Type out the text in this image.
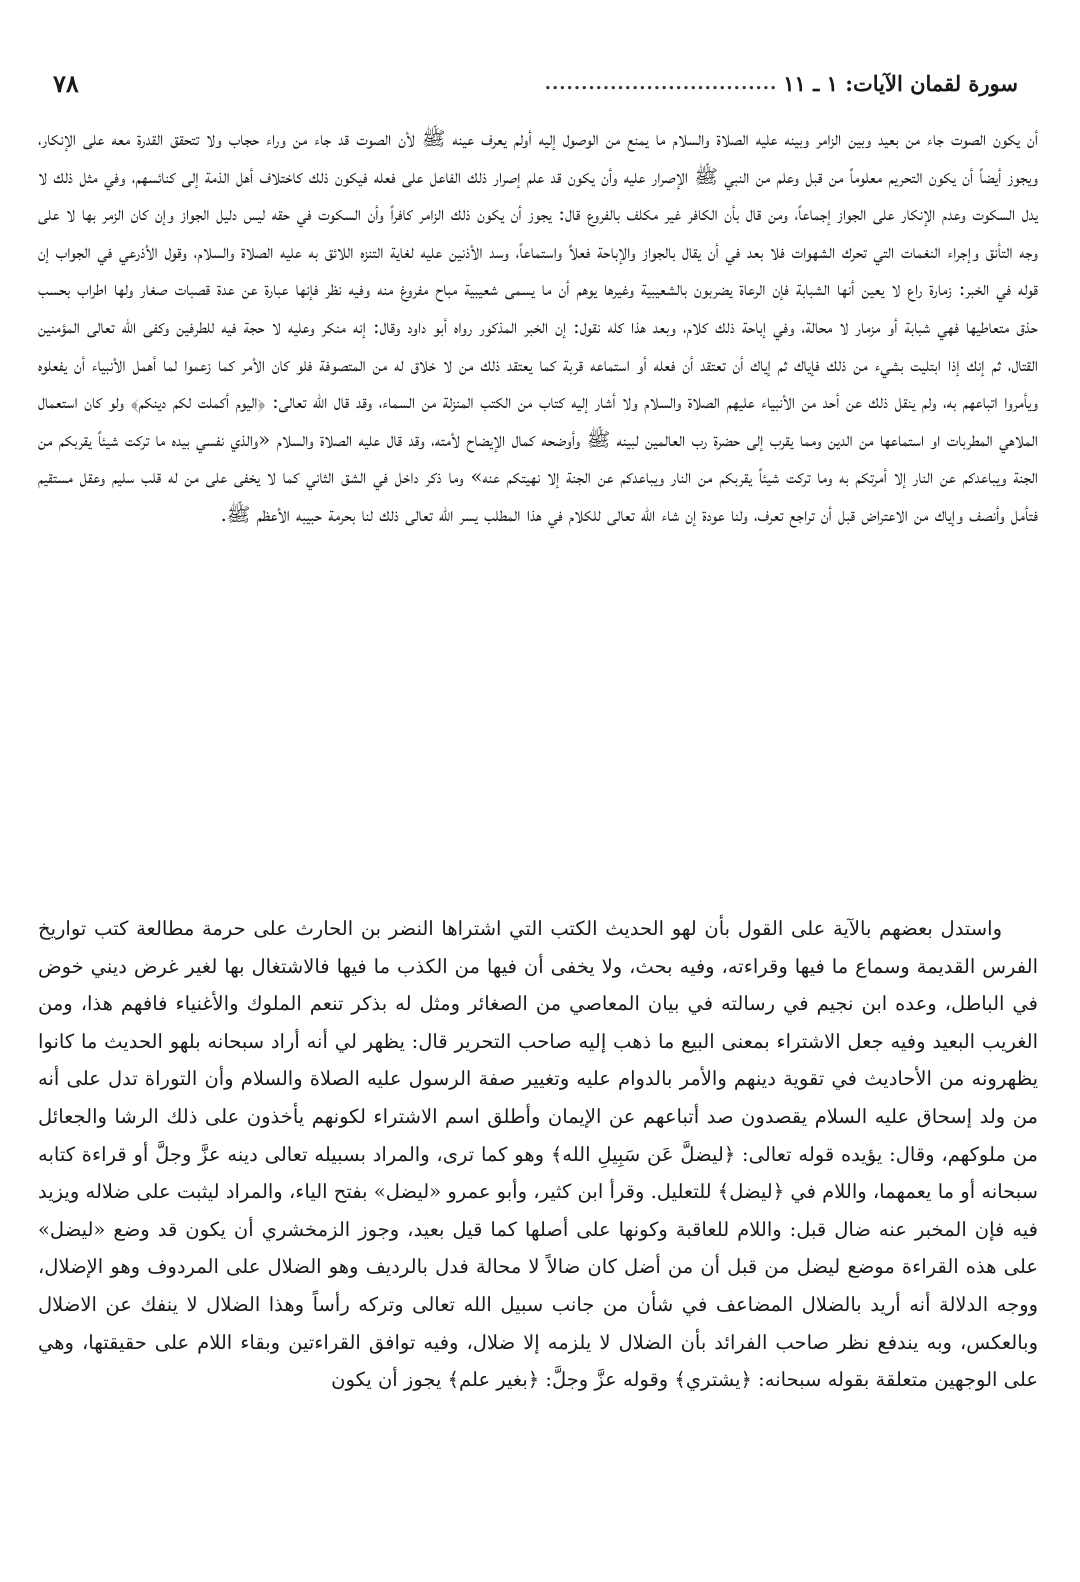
سورة لقمان الآيات: ١ ـ ١١
................................
٧٨

أن يكون الصوت جاء من بعيد وبين الزامر وبينه عليه الصلاة والسلام ما يمنع من الوصول إليه أولم يعرف عينه ﷺ لأن الصوت قد جاء من وراء حجاب ولا تتحقق القدرة معه على الإنكار، ويجوز أيضاً أن يكون التحريم معلوماً من قبل وعلم من النبي ﷺ الإصرار عليه وأن يكون قد علم إصرار ذلك الفاعل على فعله فيكون ذلك كاختلاف أهل الذمة إلى كنائسهم، وفي مثل ذلك لا يدل السكوت وعدم الإنكار على الجواز إجماعاً، ومن قال بأن الكافر غير مكلف بالفروع قال: يجوز أن يكون ذلك الزامر كافراً وأن السكوت في حقه ليس دليل الجواز وإن كان الزمر بها لا على وجه التأنق وإجراء النغمات التي تحرك الشهوات فلا بعد في أن يقال بالجواز والإباحة فعلاً واستماعاً، وسد الأذنين عليه لغاية التنزه اللائق به عليه الصلاة والسلام، وقول الأذرعي في الجواب إن قوله في الخبر: زمارة راع لا يعين أنها الشبابة فإن الرعاة يضربون بالشعيبية وغيرها يوهم أن ما يسمى شعيبية مباح مفروغ منه وفيه نظر فإنها عبارة عن عدة قصبات صغار ولها اطراب بحسب حذق متعاطيها فهي شبابة أو مزمار لا محالة، وفي إباحة ذلك كلام، وبعد هذا كله نقول: إن الخبر المذكور رواه أبو داود وقال: إنه منكر وعليه لا حجة فيه للطرفين وكفى الله تعالى المؤمنين القتال، ثم إنك إذا ابتليت بشيء من ذلك فإياك ثم إياك أن تعتقد أن فعله أو استماعه قربة كما يعتقد ذلك من لا خلاق له من المتصوفة فلو كان الأمر كما زعموا لما أهمل الأنبياء أن يفعلوه ويأمروا اتباعهم به، ولم ينقل ذلك عن أحد من الأنبياء عليهم الصلاة والسلام ولا أشار إليه كتاب من الكتب المنزلة من السماء، وقد قال الله تعالى: ﴿اليوم أكملت لكم دينكم﴾ ولو كان استعمال الملاهي المطربات او استماعها من الدين ومما يقرب إلى حضرة رب العالمين لبينه ﷺ وأوضحه كمال الإيضاح لأمته، وقد قال عليه الصلاة والسلام «والذي نفسي بيده ما تركت شيئاً يقربكم من الجنة ويباعدكم عن النار إلا أمرتكم به وما تركت شيئاً يقربكم من النار ويباعدكم عن الجنة إلا نهيتكم عنه» وما ذكر داخل في الشق الثاني كما لا يخفى على من له قلب سليم وعقل مستقيم فتأمل وأنصف وإياك من الاعتراض قبل أن تراجع تعرف، ولنا عودة إن شاء الله تعالى للكلام في هذا المطلب يسر الله تعالى ذلك لنا بحرمة حبيبه الأعظم ﷺ.

واستدل بعضهم بالآية على القول بأن لهو الحديث الكتب التي اشتراها النضر بن الحارث على حرمة مطالعة كتب تواريخ الفرس القديمة وسماع ما فيها وقراءته، وفيه بحث، ولا يخفى أن فيها من الكذب ما فيها فالاشتغال بها لغير غرض ديني خوض في الباطل، وعده ابن نجيم في رسالته في بيان المعاصي من الصغائر ومثل له بذكر تنعم الملوك والأغنياء فافهم هذا، ومن الغريب البعيد وفيه جعل الاشتراء بمعنى البيع ما ذهب إليه صاحب التحرير قال: يظهر لي أنه أراد سبحانه بلهو الحديث ما كانوا يظهرونه من الأحاديث في تقوية دينهم والأمر بالدوام عليه وتغيير صفة الرسول عليه الصلاة والسلام وأن التوراة تدل على أنه من ولد إسحاق عليه السلام يقصدون صد أتباعهم عن الإيمان وأطلق اسم الاشتراء لكونهم يأخذون على ذلك الرشا والجعائل من ملوكهم، وقال: يؤيده قوله تعالى: ﴿ليضلَّ عَن سَبِيلِ الله﴾ وهو كما ترى، والمراد بسبيله تعالى دينه عزَّ وجلَّ أو قراءة كتابه سبحانه أو ما يعمهما، واللام في ﴿ليضل﴾ للتعليل. وقرأ ابن كثير، وأبو عمرو «ليضل» بفتح الياء، والمراد ليثبت على ضلاله ويزيد فيه فإن المخبر عنه ضال قبل: واللام للعاقبة وكونها على أصلها كما قيل بعيد، وجوز الزمخشري أن يكون قد وضع «ليضل» على هذه القراءة موضع ليضل من قبل أن من أضل كان ضالاً لا محالة فدل بالرديف وهو الضلال على المردوف وهو الإضلال، ووجه الدلالة أنه أريد بالضلال المضاعف في شأن من جانب سبيل الله تعالى وتركه رأساً وهذا الضلال لا ينفك عن الاضلال وبالعكس، وبه يندفع نظر صاحب الفرائد بأن الضلال لا يلزمه إلا ضلال، وفيه توافق القراءتين وبقاء اللام على حقيقتها، وهي على الوجهين متعلقة بقوله سبحانه: ﴿يشتري﴾ وقوله عزَّ وجلَّ: ﴿بغير علم﴾ يجوز أن يكون
